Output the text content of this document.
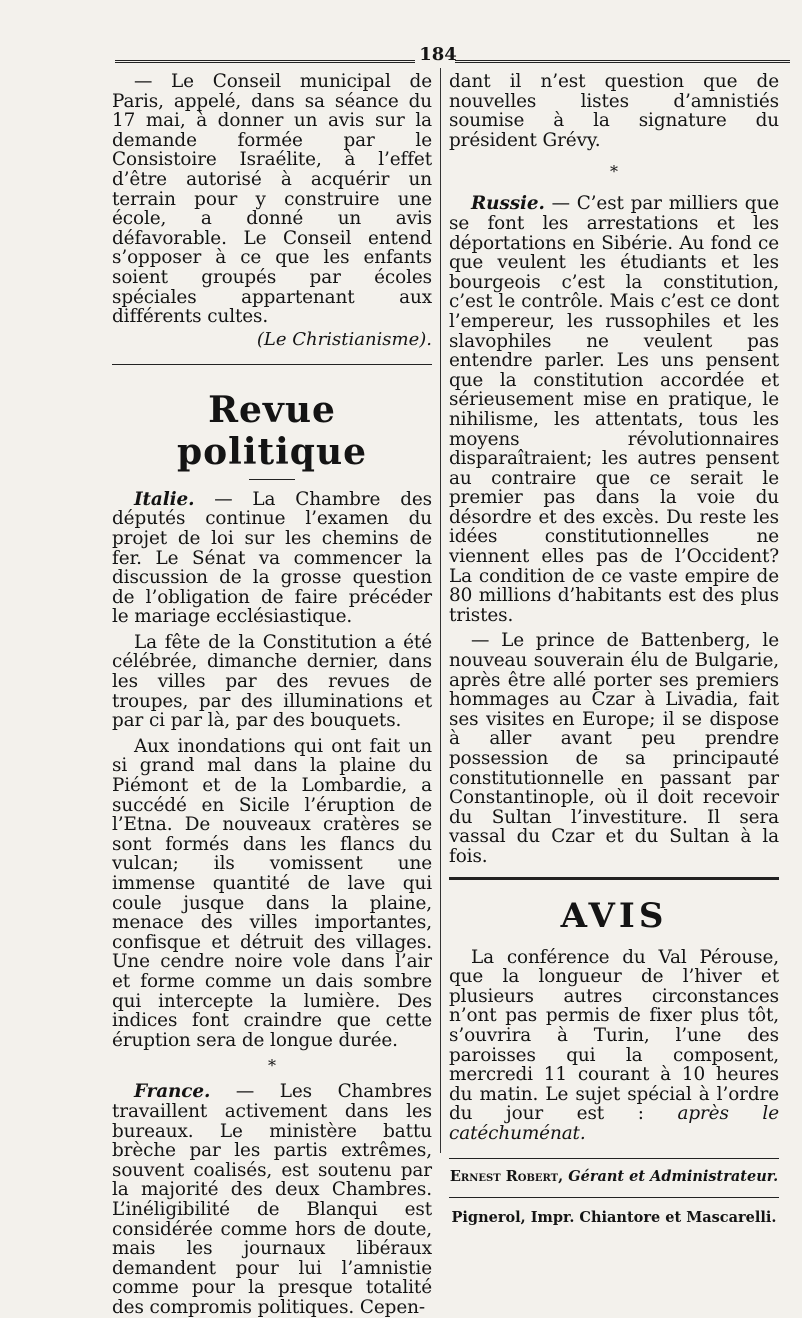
184

— Le Conseil municipal de Paris, appelé, dans sa séance du 17 mai, à donner un avis sur la demande formée par le Consistoire Israélite, à l’effet d’être autorisé à acquérir un terrain pour y construire une école, a donné un avis défavorable. Le Conseil entend s’opposer à ce que les enfants soient groupés par écoles spéciales appartenant aux différents cultes.

(Le Christianisme).
Revue politique

Italie. — La Chambre des députés continue l’examen du projet de loi sur les chemins de fer. Le Sénat va commencer la discussion de la grosse question de l’obligation de faire précéder le mariage ecclésiastique.

La fête de la Constitution a été célébrée, dimanche dernier, dans les villes par des revues de troupes, par des illuminations et par ci par là, par des bouquets.

Aux inondations qui ont fait un si grand mal dans la plaine du Piémont et de la Lombardie, a succédé en Sicile l’éruption de l’Etna. De nouveaux cratères se sont formés dans les flancs du vulcan; ils vomissent une immense quantité de lave qui coule jusque dans la plaine, menace des villes importantes, confisque et détruit des villages. Une cendre noire vole dans l’air et forme comme un dais sombre qui intercepte la lumière. Des indices font craindre que cette éruption sera de longue durée.

*

France. — Les Chambres travaillent activement dans les bureaux. Le ministère battu brèche par les partis extrêmes, souvent coalisés, est soutenu par la majorité des deux Chambres. L’inéligibilité de Blanqui est considérée comme hors de doute, mais les journaux libéraux demandent pour lui l’amnistie comme pour la presque totalité des compromis politiques. Cepen-

dant il n’est question que de nouvelles listes d’amnistiés soumise à la signature du président Grévy.

*

Russie. — C’est par milliers que se font les arrestations et les déportations en Sibérie. Au fond ce que veulent les étudiants et les bourgeois c’est la constitution, c’est le contrôle. Mais c’est ce dont l’empereur, les russophiles et les slavophiles ne veulent pas entendre parler. Les uns pensent que la constitution accordée et sérieusement mise en pratique, le nihilisme, les attentats, tous les moyens révolutionnaires disparaîtraient; les autres pensent au contraire que ce serait le premier pas dans la voie du désordre et des excès. Du reste les idées constitutionnelles ne viennent elles pas de l’Occident? La condition de ce vaste empire de 80 millions d’habitants est des plus tristes.

— Le prince de Battenberg, le nouveau souverain élu de Bulgarie, après être allé porter ses premiers hommages au Czar à Livadia, fait ses visites en Europe; il se dispose à aller avant peu prendre possession de sa principauté constitutionnelle en passant par Constantinople, où il doit recevoir du Sultan l’investiture. Il sera vassal du Czar et du Sultan à la fois.

AVIS

La conférence du Val Pérouse, que la longueur de l’hiver et plusieurs autres circonstances n’ont pas permis de fixer plus tôt, s’ouvrira à Turin, l’une des paroisses qui la composent, mercredi 11 courant à 10 heures du matin. Le sujet spécial à l’ordre du jour est : après le catéchuménat.

Ernest Robert, Gérant et Administrateur.

Pignerol, Impr. Chiantore et Mascarelli.
